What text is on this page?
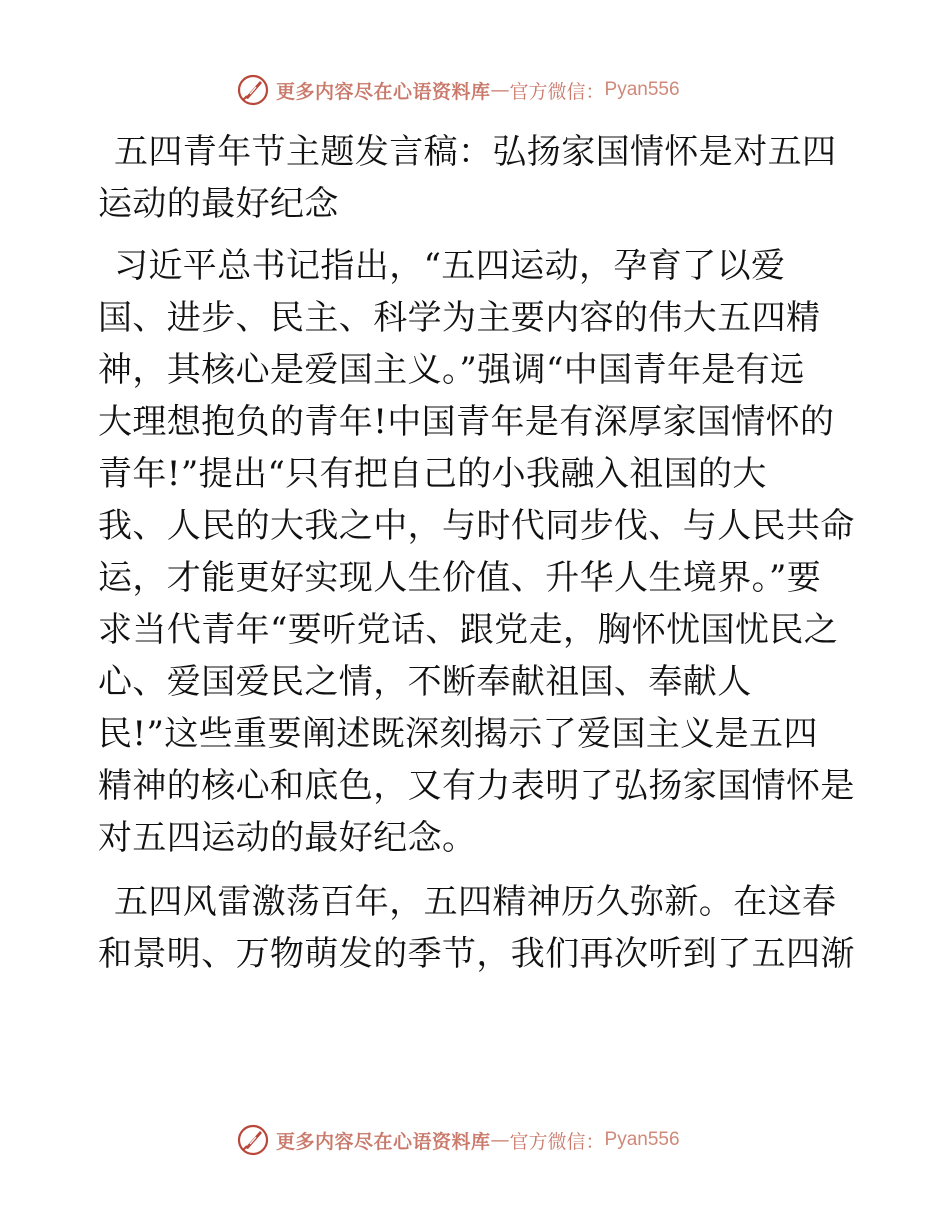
更多内容尽在心语资料库 — 官方微信： Pyan556
五四青年节主题发言稿：弘扬家国情怀是对五四
运动的最好纪念
习近平总书记指出，“五四运动，孕育了以爱
国、进步、民主、科学为主要内容的伟大五四精
神，其核心是爱国主义。”强调“中国青年是有远
大理想抱负的青年!中国青年是有深厚家国情怀的
青年!”提出“只有把自己的小我融入祖国的大
我、人民的大我之中，与时代同步伐、与人民共命
运，才能更好实现人生价值、升华人生境界。”要
求当代青年“要听党话、跟党走，胸怀忧国忧民之
心、爱国爱民之情，不断奉献祖国、奉献人
民!”这些重要阐述既深刻揭示了爱国主义是五四
精神的核心和底色，又有力表明了弘扬家国情怀是
对五四运动的最好纪念。
五四风雷激荡百年，五四精神历久弥新。在这春
和景明、万物萌发的季节，我们再次听到了五四渐
更多内容尽在心语资料库 — 官方微信： Pyan556
